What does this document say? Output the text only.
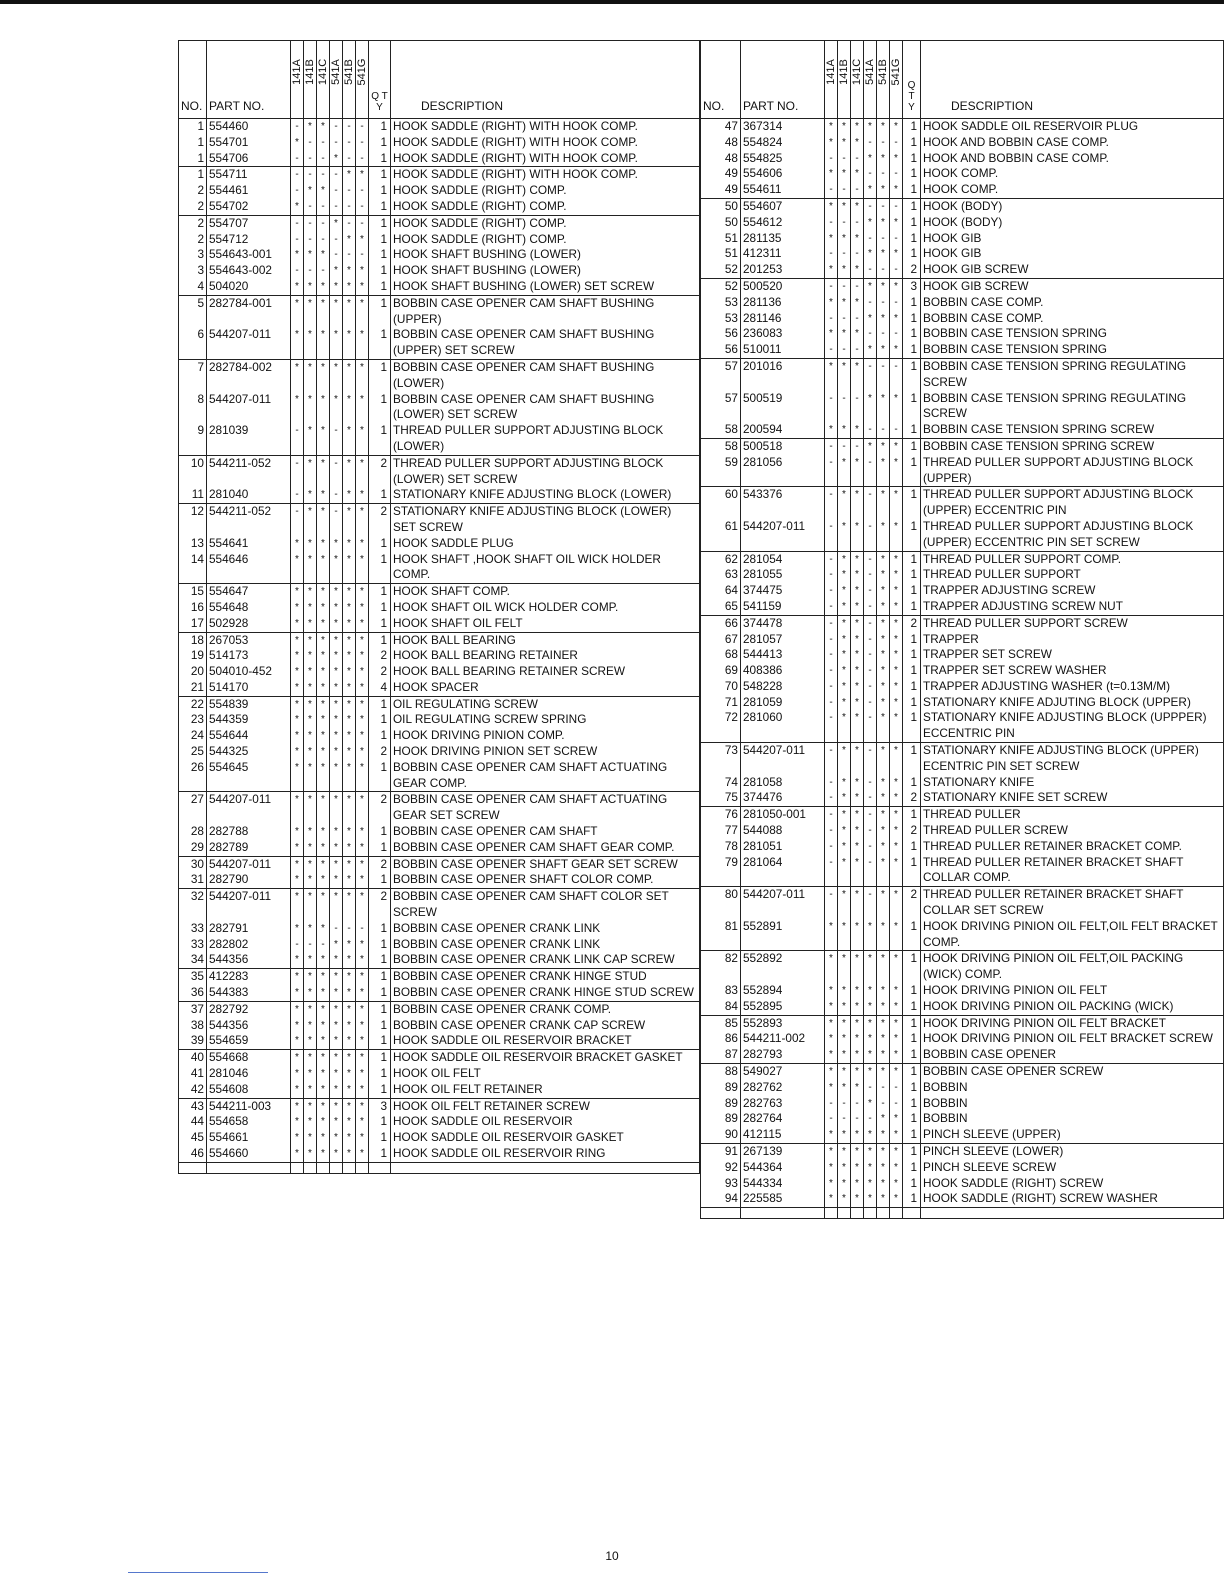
NO.	PART NO.	141A	141B	141C	541A	541B	541G	Q T Y	DESCRIPTION
1	554460	-	*	*	-	-	-	1	HOOK SADDLE (RIGHT) WITH HOOK COMP.
1	554701	*	-	-	-	-	-	1	HOOK SADDLE (RIGHT) WITH HOOK COMP.
1	554706	-	-	-	*	-	-	1	HOOK SADDLE (RIGHT) WITH HOOK COMP.
1	554711	-	-	-	-	*	*	1	HOOK SADDLE (RIGHT) WITH HOOK COMP.
2	554461	-	*	*	-	-	-	1	HOOK SADDLE (RIGHT) COMP.
2	554702	*	-	-	-	-	-	1	HOOK SADDLE (RIGHT) COMP.
2	554707	-	-	-	*	-	-	1	HOOK SADDLE (RIGHT) COMP.
2	554712	-	-	-	-	*	*	1	HOOK SADDLE (RIGHT) COMP.
3	554643-001	*	*	*	-	-	-	1	HOOK SHAFT BUSHING (LOWER)
3	554643-002	-	-	-	*	*	*	1	HOOK SHAFT BUSHING (LOWER)
4	504020	*	*	*	*	*	*	1	HOOK SHAFT BUSHING (LOWER) SET SCREW
5	282784-001	*	*	*	*	*	*	1	BOBBIN CASE OPENER CAM SHAFT BUSHING (UPPER)
6	544207-011	*	*	*	*	*	*	1	BOBBIN CASE OPENER CAM SHAFT BUSHING (UPPER) SET SCREW
7	282784-002	*	*	*	*	*	*	1	BOBBIN CASE OPENER CAM SHAFT BUSHING (LOWER)
8	544207-011	*	*	*	*	*	*	1	BOBBIN CASE OPENER CAM SHAFT BUSHING (LOWER) SET SCREW
9	281039	-	*	*	-	*	*	1	THREAD PULLER SUPPORT ADJUSTING BLOCK (LOWER)
10	544211-052	-	*	*	-	*	*	2	THREAD PULLER SUPPORT ADJUSTING BLOCK (LOWER) SET SCREW
11	281040	-	*	*	-	*	*	1	STATIONARY KNIFE ADJUSTING BLOCK (LOWER)
12	544211-052	-	*	*	-	*	*	2	STATIONARY KNIFE ADJUSTING BLOCK (LOWER) SET SCREW
13	554641	*	*	*	*	*	*	1	HOOK SADDLE PLUG
14	554646	*	*	*	*	*	*	1	HOOK SHAFT ,HOOK SHAFT OIL WICK HOLDER COMP.
15	554647	*	*	*	*	*	*	1	HOOK SHAFT COMP.
16	554648	*	*	*	*	*	*	1	HOOK SHAFT OIL WICK HOLDER COMP.
17	502928	*	*	*	*	*	*	1	HOOK SHAFT OIL FELT
18	267053	*	*	*	*	*	*	1	HOOK BALL BEARING
19	514173	*	*	*	*	*	*	2	HOOK BALL BEARING RETAINER
20	504010-452	*	*	*	*	*	*	2	HOOK BALL BEARING RETAINER SCREW
21	514170	*	*	*	*	*	*	4	HOOK SPACER
22	554839	*	*	*	*	*	*	1	OIL REGULATING SCREW
23	544359	*	*	*	*	*	*	1	OIL REGULATING SCREW SPRING
24	554644	*	*	*	*	*	*	1	HOOK DRIVING PINION COMP.
25	544325	*	*	*	*	*	*	2	HOOK DRIVING PINION SET SCREW
26	554645	*	*	*	*	*	*	1	BOBBIN CASE OPENER CAM SHAFT ACTUATING GEAR COMP.
27	544207-011	*	*	*	*	*	*	2	BOBBIN CASE OPENER CAM SHAFT ACTUATING GEAR SET SCREW
28	282788	*	*	*	*	*	*	1	BOBBIN CASE OPENER CAM SHAFT
29	282789	*	*	*	*	*	*	1	BOBBIN CASE OPENER CAM SHAFT GEAR COMP.
30	544207-011	*	*	*	*	*	*	2	BOBBIN CASE OPENER SHAFT GEAR SET SCREW
31	282790	*	*	*	*	*	*	1	BOBBIN CASE OPENER SHAFT COLOR COMP.
32	544207-011	*	*	*	*	*	*	2	BOBBIN CASE OPENER CAM SHAFT COLOR SET SCREW
33	282791	*	*	*	-	-	-	1	BOBBIN CASE OPENER CRANK LINK
33	282802	-	-	-	*	*	*	1	BOBBIN CASE OPENER CRANK LINK
34	544356	*	*	*	*	*	*	1	BOBBIN CASE OPENER CRANK LINK CAP SCREW
35	412283	*	*	*	*	*	*	1	BOBBIN CASE OPENER CRANK HINGE STUD
36	544383	*	*	*	*	*	*	1	BOBBIN CASE OPENER CRANK HINGE STUD SCREW
37	282792	*	*	*	*	*	*	1	BOBBIN CASE OPENER CRANK COMP.
38	544356	*	*	*	*	*	*	1	BOBBIN CASE OPENER CRANK CAP SCREW
39	554659	*	*	*	*	*	*	1	HOOK SADDLE OIL RESERVOIR BRACKET
40	554668	*	*	*	*	*	*	1	HOOK SADDLE OIL RESERVOIR BRACKET GASKET
41	281046	*	*	*	*	*	*	1	HOOK OIL FELT
42	554608	*	*	*	*	*	*	1	HOOK OIL FELT RETAINER
43	544211-003	*	*	*	*	*	*	3	HOOK OIL FELT RETAINER SCREW
44	554658	*	*	*	*	*	*	1	HOOK SADDLE OIL RESERVOIR
45	554661	*	*	*	*	*	*	1	HOOK SADDLE OIL RESERVOIR GASKET
46	554660	*	*	*	*	*	*	1	HOOK SADDLE OIL RESERVOIR RING

NO.	PART NO.	141A	141B	141C	541A	541B	541G	Q T Y	DESCRIPTION
47	367314	*	*	*	*	*	*	1	HOOK SADDLE OIL RESERVOIR PLUG
48	554824	*	*	*	-	-	-	1	HOOK AND BOBBIN CASE COMP.
48	554825	-	-	-	*	*	*	1	HOOK AND BOBBIN CASE COMP.
49	554606	*	*	*	-	-	-	1	HOOK COMP.
49	554611	-	-	-	*	*	*	1	HOOK COMP.
50	554607	*	*	*	-	-	-	1	HOOK (BODY)
50	554612	-	-	-	*	*	*	1	HOOK (BODY)
51	281135	*	*	*	-	-	-	1	HOOK GIB
51	412311	-	-	-	*	*	*	1	HOOK GIB
52	201253	*	*	*	-	-	-	2	HOOK GIB SCREW
52	500520	-	-	-	*	*	*	3	HOOK GIB SCREW
53	281136	*	*	*	-	-	-	1	BOBBIN CASE COMP.
53	281146	-	-	-	*	*	*	1	BOBBIN CASE COMP.
56	236083	*	*	*	-	-	-	1	BOBBIN CASE TENSION SPRING
56	510011	-	-	-	*	*	*	1	BOBBIN CASE TENSION SPRING
57	201016	*	*	*	-	-	-	1	BOBBIN CASE TENSION SPRING REGULATING SCREW
57	500519	-	-	-	*	*	*	1	BOBBIN CASE TENSION SPRING REGULATING SCREW
58	200594	*	*	*	-	-	-	1	BOBBIN CASE TENSION SPRING SCREW
58	500518	-	-	-	*	*	*	1	BOBBIN CASE TENSION SPRING SCREW
59	281056	-	*	*	-	*	*	1	THREAD PULLER SUPPORT ADJUSTING BLOCK (UPPER)
60	543376	-	*	*	-	*	*	1	THREAD PULLER SUPPORT ADJUSTING BLOCK (UPPER) ECCENTRIC PIN
61	544207-011	-	*	*	-	*	*	1	THREAD PULLER SUPPORT ADJUSTING BLOCK (UPPER) ECCENTRIC PIN SET SCREW
62	281054	-	*	*	-	*	*	1	THREAD PULLER SUPPORT COMP.
63	281055	-	*	*	-	*	*	1	THREAD PULLER SUPPORT
64	374475	-	*	*	-	*	*	1	TRAPPER ADJUSTING SCREW
65	541159	-	*	*	-	*	*	1	TRAPPER ADJUSTING SCREW NUT
66	374478	-	*	*	-	*	*	2	THREAD PULLER SUPPORT SCREW
67	281057	-	*	*	-	*	*	1	TRAPPER
68	544413	-	*	*	-	*	*	1	TRAPPER SET SCREW
69	408386	-	*	*	-	*	*	1	TRAPPER SET SCREW WASHER
70	548228	-	*	*	-	*	*	1	TRAPPER ADJUSTING WASHER (t=0.13M/M)
71	281059	-	*	*	-	*	*	1	STATIONARY KNIFE ADJUTING BLOCK (UPPER)
72	281060	-	*	*	-	*	*	1	STATIONARY KNIFE ADJUSTING BLOCK (UPPPER) ECCENTRIC PIN
73	544207-011	-	*	*	-	*	*	1	STATIONARY KNIFE ADJUSTING BLOCK (UPPER) ECENTRIC PIN SET SCREW
74	281058	-	*	*	-	*	*	1	STATIONARY KNIFE
75	374476	-	*	*	-	*	*	2	STATIONARY KNIFE SET SCREW
76	281050-001	-	*	*	-	*	*	1	THREAD PULLER
77	544088	-	*	*	-	*	*	2	THREAD PULLER SCREW
78	281051	-	*	*	-	*	*	1	THREAD PULLER RETAINER BRACKET COMP.
79	281064	-	*	*	-	*	*	1	THREAD PULLER RETAINER BRACKET SHAFT COLLAR COMP.
80	544207-011	-	*	*	-	*	*	2	THREAD PULLER RETAINER BRACKET SHAFT COLLAR SET SCREW
81	552891	*	*	*	*	*	*	1	HOOK DRIVING PINION OIL FELT,OIL FELT BRACKET COMP.
82	552892	*	*	*	*	*	*	1	HOOK DRIVING PINION OIL FELT,OIL PACKING (WICK) COMP.
83	552894	*	*	*	*	*	*	1	HOOK DRIVING PINION OIL FELT
84	552895	*	*	*	*	*	*	1	HOOK DRIVING PINION OIL PACKING (WICK)
85	552893	*	*	*	*	*	*	1	HOOK DRIVING PINION OIL FELT BRACKET
86	544211-002	*	*	*	*	*	*	1	HOOK DRIVING PINION OIL FELT BRACKET SCREW
87	282793	*	*	*	*	*	*	1	BOBBIN CASE OPENER
88	549027	*	*	*	*	*	*	1	BOBBIN CASE OPENER SCREW
89	282762	*	*	*	-	-	-	1	BOBBIN
89	282763	-	-	-	*	-	-	1	BOBBIN
89	282764	-	-	-	-	*	*	1	BOBBIN
90	412115	*	*	*	*	*	*	1	PINCH SLEEVE (UPPER)
91	267139	*	*	*	*	*	*	1	PINCH SLEEVE (LOWER)
92	544364	*	*	*	*	*	*	1	PINCH SLEEVE SCREW
93	544334	*	*	*	*	*	*	1	HOOK SADDLE (RIGHT) SCREW
94	225585	*	*	*	*	*	*	1	HOOK SADDLE (RIGHT) SCREW WASHER

10
